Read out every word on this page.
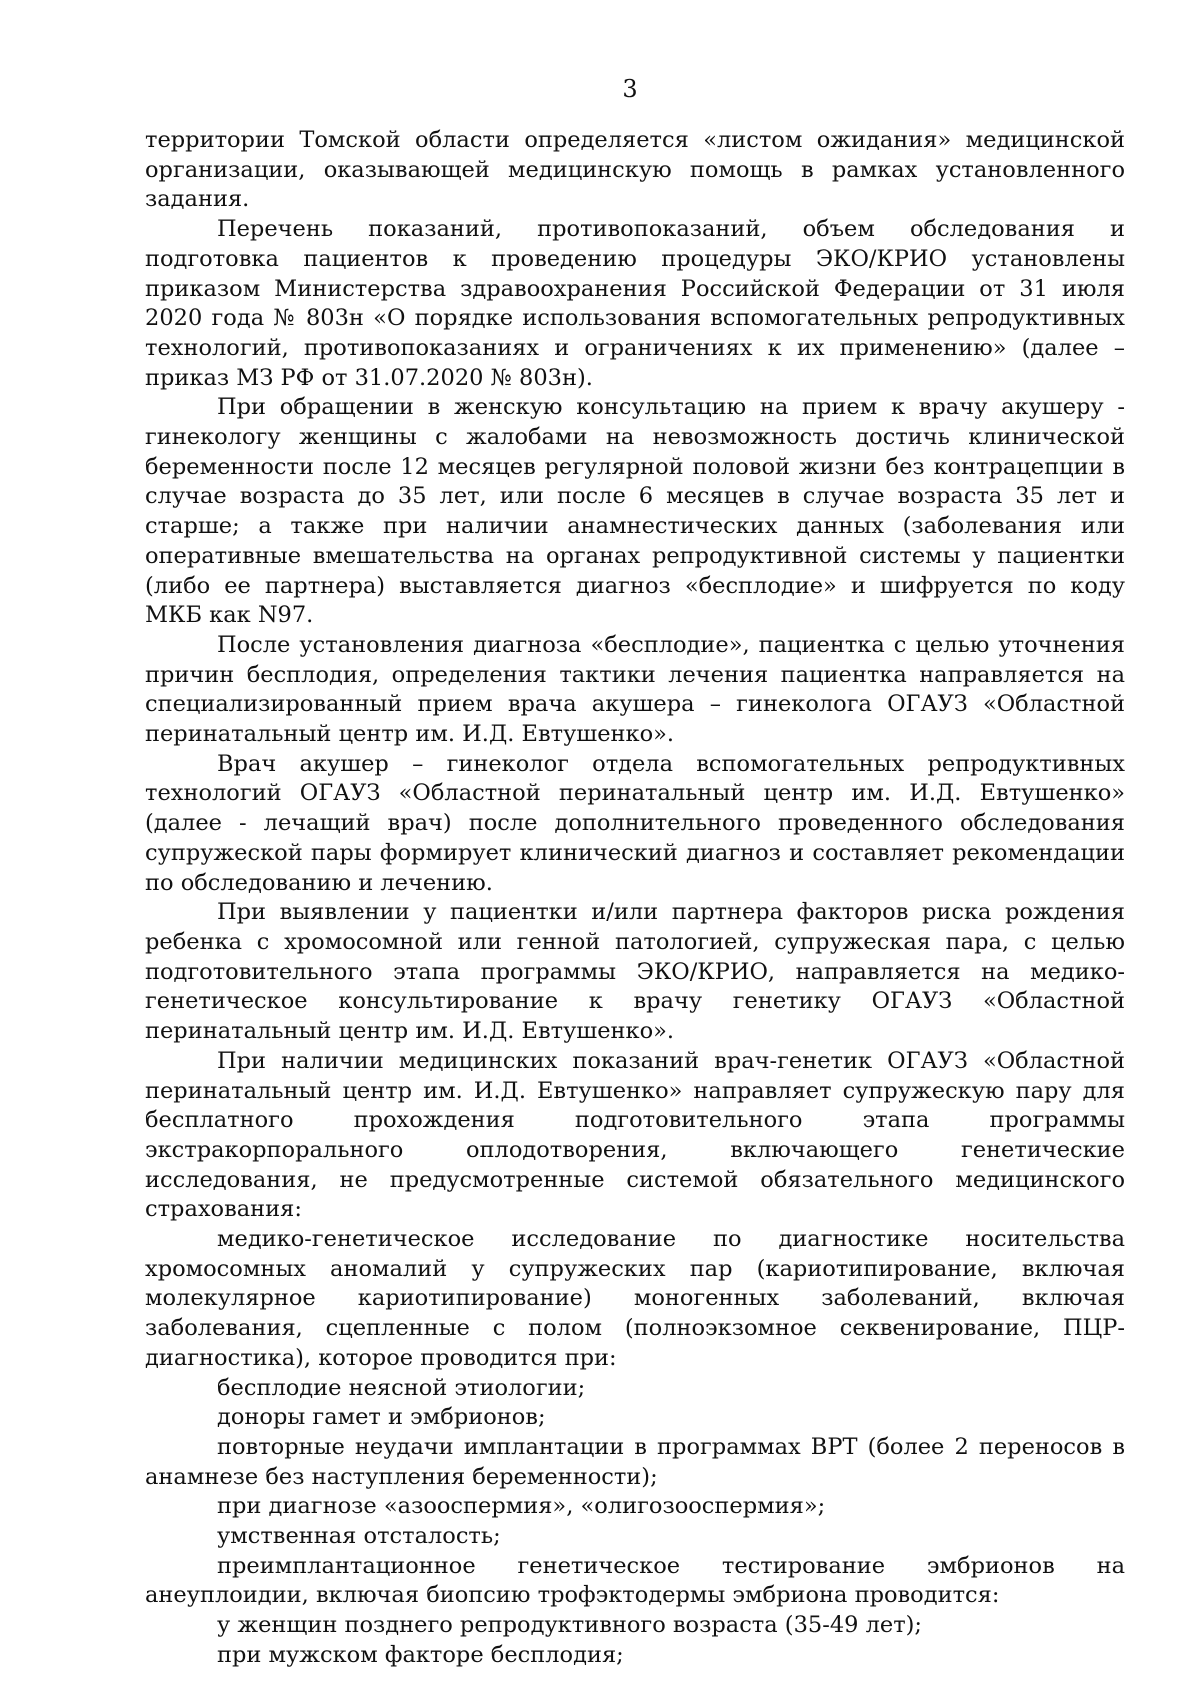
3

территории Томской области определяется «листом ожидания» медицинской организации, оказывающей медицинскую помощь в рамках установленного задания.

Перечень показаний, противопоказаний, объем обследования и подготовка пациентов к проведению процедуры ЭКО/КРИО установлены приказом Министерства здравоохранения Российской Федерации от 31 июля 2020 года № 803н «О порядке использования вспомогательных репродуктивных технологий, противопоказаниях и ограничениях к их применению» (далее – приказ МЗ РФ от 31.07.2020 № 803н).

При обращении в женскую консультацию на прием к врачу акушеру - гинекологу женщины с жалобами на невозможность достичь клинической беременности после 12 месяцев регулярной половой жизни без контрацепции в случае возраста до 35 лет, или после 6 месяцев в случае возраста 35 лет и старше; а также при наличии анамнестических данных (заболевания или оперативные вмешательства на органах репродуктивной системы у пациентки (либо ее партнера) выставляется диагноз «бесплодие» и шифруется по коду МКБ как N97.

После установления диагноза «бесплодие», пациентка с целью уточнения причин бесплодия, определения тактики лечения пациентка направляется на специализированный прием врача акушера – гинеколога ОГАУЗ «Областной перинатальный центр им. И.Д. Евтушенко».

Врач акушер – гинеколог отдела вспомогательных репродуктивных технологий ОГАУЗ «Областной перинатальный центр им. И.Д. Евтушенко» (далее - лечащий врач) после дополнительного проведенного обследования супружеской пары формирует клинический диагноз и составляет рекомендации по обследованию и лечению.

При выявлении у пациентки и/или партнера факторов риска рождения ребенка с хромосомной или генной патологией, супружеская пара, с целью подготовительного этапа программы ЭКО/КРИО, направляется на медико-генетическое консультирование к врачу генетику ОГАУЗ «Областной перинатальный центр им. И.Д. Евтушенко».

При наличии медицинских показаний врач-генетик ОГАУЗ «Областной перинатальный центр им. И.Д. Евтушенко» направляет супружескую пару для бесплатного прохождения подготовительного этапа программы экстракорпорального оплодотворения, включающего генетические исследования, не предусмотренные системой обязательного медицинского страхования:

медико-генетическое исследование по диагностике носительства хромосомных аномалий у супружеских пар (кариотипирование, включая молекулярное кариотипирование) моногенных заболеваний, включая заболевания, сцепленные с полом (полноэкзомное секвенирование, ПЦР-диагностика), которое проводится при:

бесплодие неясной этиологии;

доноры гамет и эмбрионов;

повторные неудачи имплантации в программах ВРТ (более 2 переносов в анамнезе без наступления беременности);

при диагнозе «азооспермия», «олигозооспермия»;

умственная отсталость;

преимплантационное генетическое тестирование эмбрионов на анеуплоидии, включая биопсию трофэктодермы эмбриона проводится:

у женщин позднего репродуктивного возраста (35-49 лет);

при мужском факторе бесплодия;
